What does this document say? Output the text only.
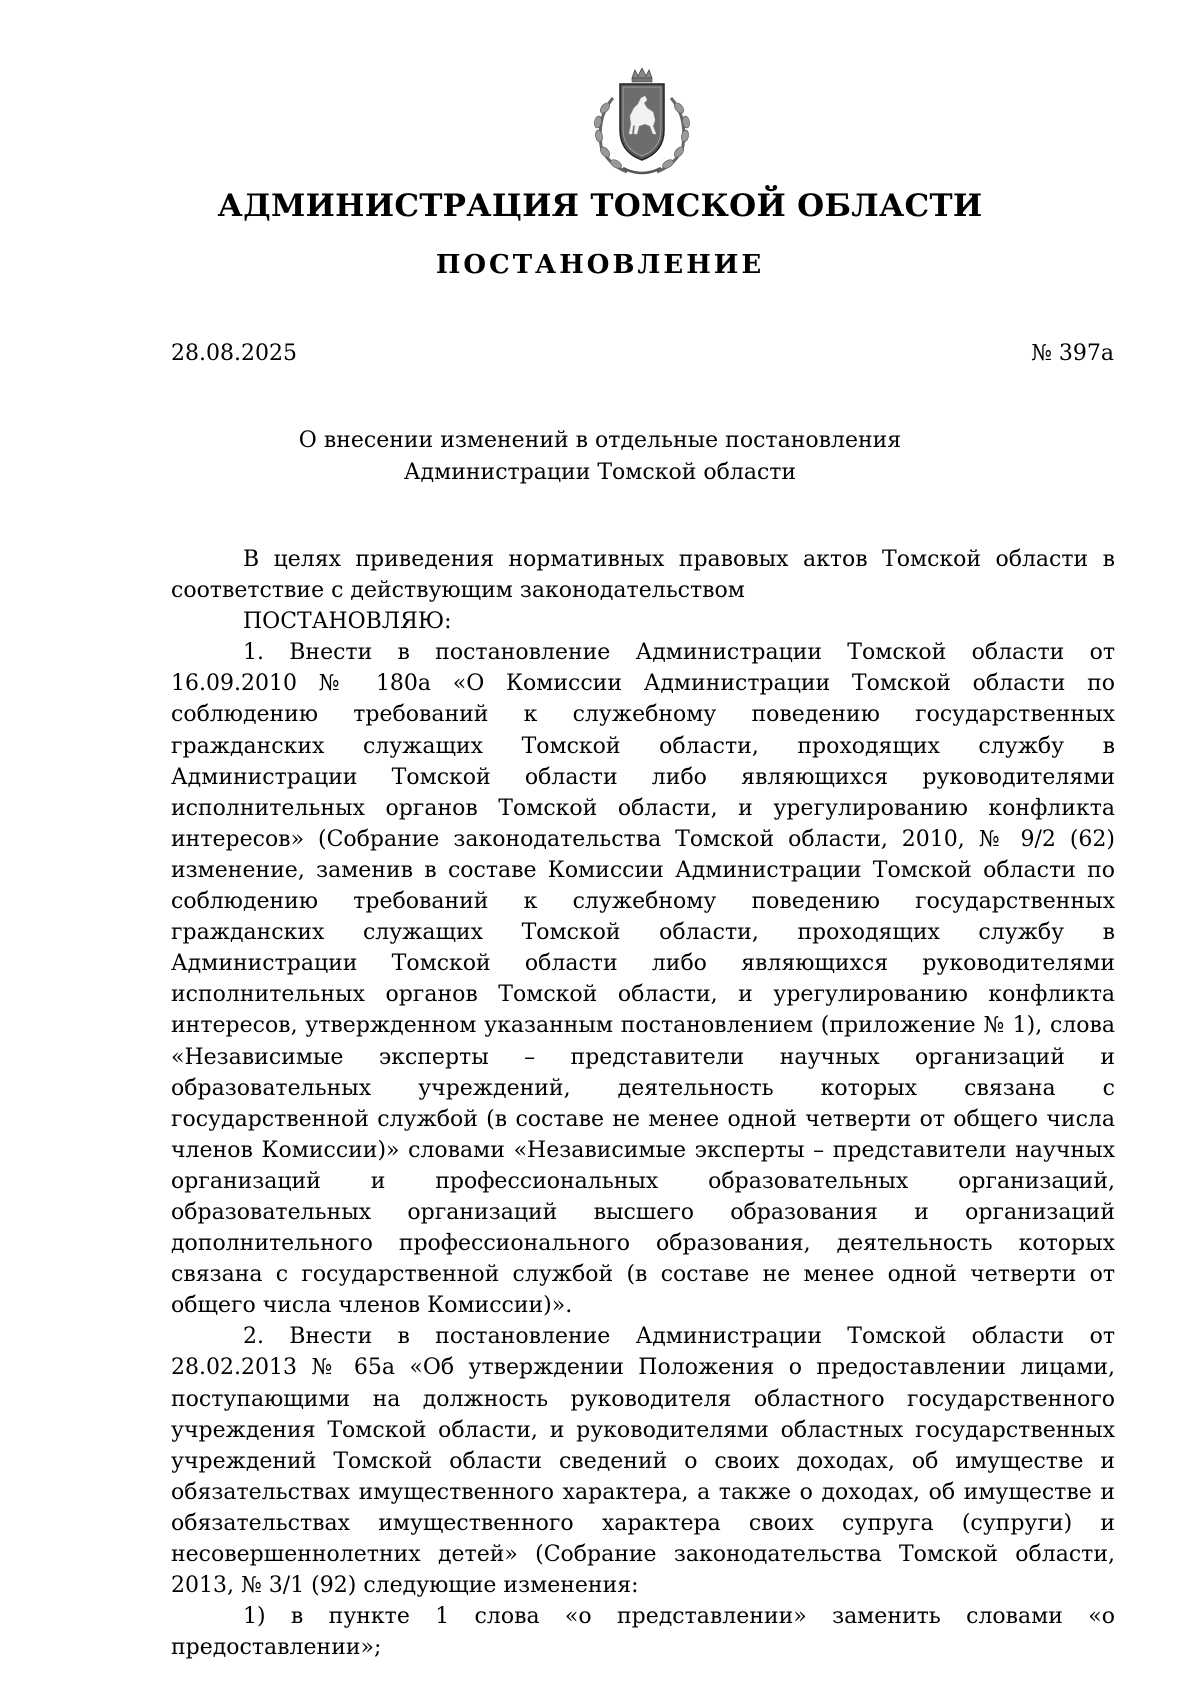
АДМИНИСТРАЦИЯ ТОМСКОЙ ОБЛАСТИ
ПОСТАНОВЛЕНИЕ
28.08.2025	№ 397а
О внесении изменений в отдельные постановления
Администрации Томской области

В целях приведения нормативных правовых актов Томской области в соответствие с действующим законодательством

ПОСТАНОВЛЯЮ:

1. Внести в постановление Администрации Томской области от 16.09.2010 № 180а «О Комиссии Администрации Томской области по соблюдению требований к служебному поведению государственных гражданских служащих Томской области, проходящих службу в Администрации Томской области либо являющихся руководителями исполнительных органов Томской области, и урегулированию конфликта интересов» (Собрание законодательства Томской области, 2010, № 9/2 (62) изменение, заменив в составе Комиссии Администрации Томской области по соблюдению требований к служебному поведению государственных гражданских служащих Томской области, проходящих службу в Администрации Томской области либо являющихся руководителями исполнительных органов Томской области, и урегулированию конфликта интересов, утвержденном указанным постановлением (приложение № 1), слова «Независимые эксперты – представители научных организаций и образовательных учреждений, деятельность которых связана с государственной службой (в составе не менее одной четверти от общего числа членов Комиссии)» словами «Независимые эксперты – представители научных организаций и профессиональных образовательных организаций, образовательных организаций высшего образования и организаций дополнительного профессионального образования, деятельность которых связана с государственной службой (в составе не менее одной четверти от общего числа членов Комиссии)».

2. Внести в постановление Администрации Томской области от 28.02.2013 № 65а «Об утверждении Положения о предоставлении лицами, поступающими на должность руководителя областного государственного учреждения Томской области, и руководителями областных государственных учреждений Томской области сведений о своих доходах, об имуществе и обязательствах имущественного характера, а также о доходах, об имуществе и обязательствах имущественного характера своих супруга (супруги) и несовершеннолетних детей» (Собрание законодательства Томской области, 2013, № 3/1 (92) следующие изменения:

1) в пункте 1 слова «о представлении» заменить словами «о предоставлении»;
